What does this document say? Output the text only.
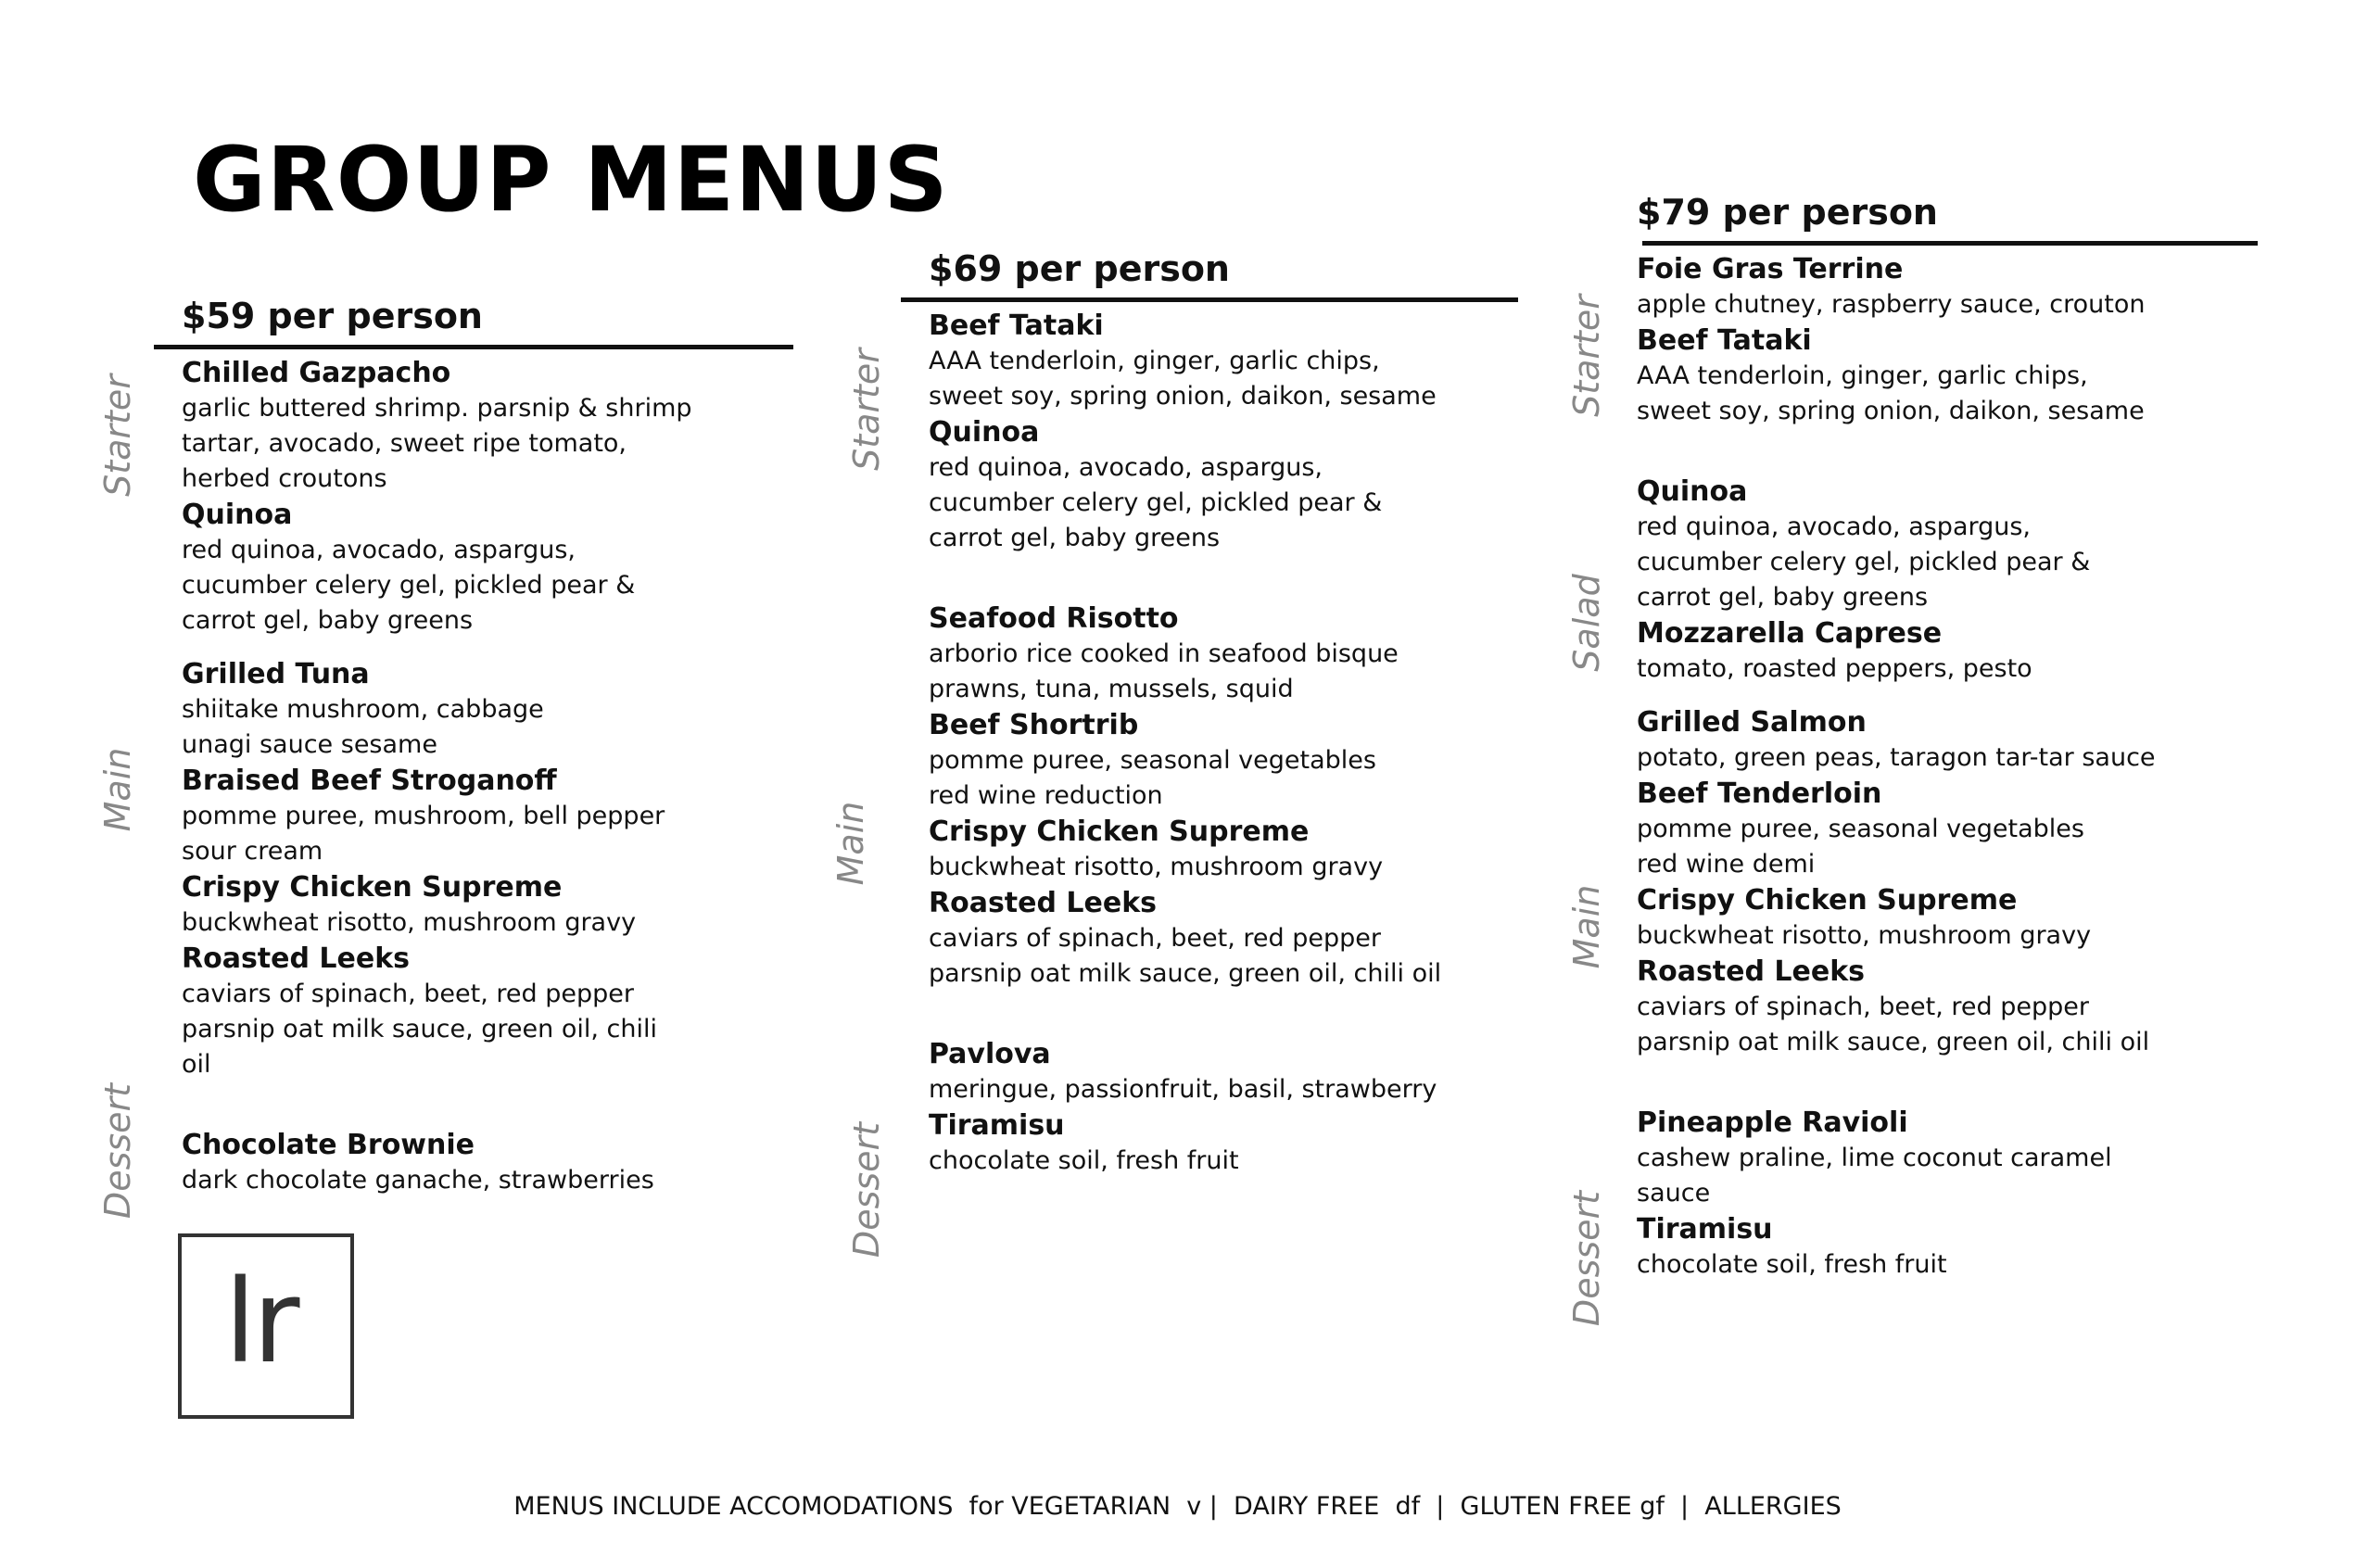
GROUP MENUS
$59 per person
Chilled Gazpacho
garlic buttered shrimp. parsnip & shrimp
tartar, avocado, sweet ripe tomato,
herbed croutons
Quinoa
red quinoa, avocado, aspargus,
cucumber celery gel, pickled pear &
carrot gel, baby greens
Grilled Tuna
shiitake mushroom, cabbage
unagi sauce sesame
Braised Beef Stroganoff
pomme puree, mushroom, bell pepper
sour cream
Crispy Chicken Supreme
buckwheat risotto, mushroom gravy
Roasted Leeks
caviars of spinach, beet, red pepper
parsnip oat milk sauce, green oil, chili
oil
Chocolate Brownie
dark chocolate ganache, strawberries
Starter
Main
Dessert
$69 per person
Beef Tataki
AAA tenderloin, ginger, garlic chips,
sweet soy, spring onion, daikon, sesame
Quinoa
red quinoa, avocado, aspargus,
cucumber celery gel, pickled pear &
carrot gel, baby greens
Seafood Risotto
arborio rice cooked in seafood bisque
prawns, tuna, mussels, squid
Beef Shortrib
pomme puree, seasonal vegetables
red wine reduction
Crispy Chicken Supreme
buckwheat risotto, mushroom gravy
Roasted Leeks
caviars of spinach, beet, red pepper
parsnip oat milk sauce, green oil, chili oil
Pavlova
meringue, passionfruit, basil, strawberry
Tiramisu
chocolate soil, fresh fruit
Starter
Main
Dessert
$79 per person
Foie Gras Terrine
apple chutney, raspberry sauce, crouton
Beef Tataki
AAA tenderloin, ginger, garlic chips,
sweet soy, spring onion, daikon, sesame
Quinoa
red quinoa, avocado, aspargus,
cucumber celery gel, pickled pear &
carrot gel, baby greens
Mozzarella Caprese
tomato, roasted peppers, pesto
Grilled Salmon
potato, green peas, taragon tar-tar sauce
Beef Tenderloin
pomme puree, seasonal vegetables
red wine demi
Crispy Chicken Supreme
buckwheat risotto, mushroom gravy
Roasted Leeks
caviars of spinach, beet, red pepper
parsnip oat milk sauce, green oil, chili oil
Pineapple Ravioli
cashew praline, lime coconut caramel
sauce
Tiramisu
chocolate soil, fresh fruit
Starter
Salad
Main
Dessert
lr
MENUS INCLUDE ACCOMODATIONS  for VEGETARIAN  v |  DAIRY FREE  df  |  GLUTEN FREE gf  |  ALLERGIES
